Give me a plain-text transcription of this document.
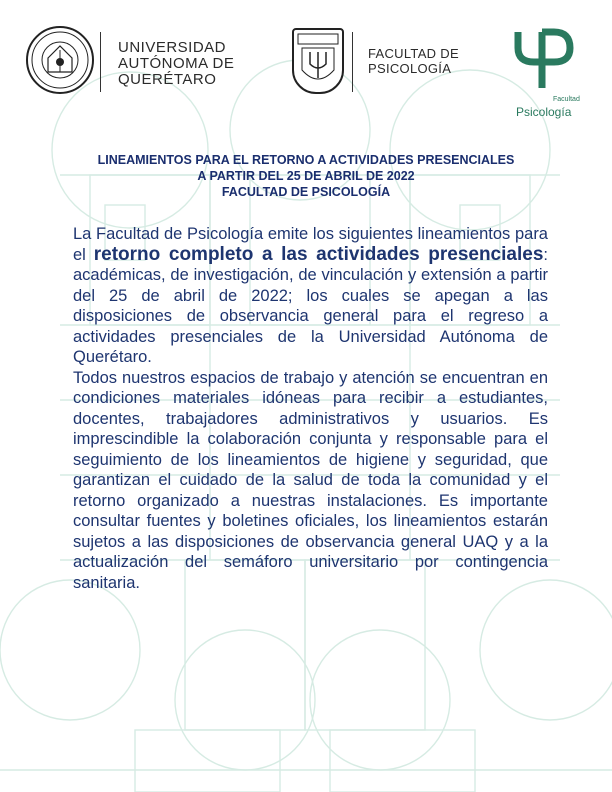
UNIVERSIDAD AUTÓNOMA DE QUERÉTARO

FACULTAD DE PSICOLOGÍA

Facultad
Psicología
LINEAMIENTOS PARA EL RETORNO A ACTIVIDADES PRESENCIALES
A PARTIR DEL 25 DE ABRIL DE 2022
FACULTAD DE PSICOLOGÍA

La Facultad de Psicología emite los siguientes lineamientos para el retorno completo a las actividades presenciales: académicas, de investigación, de vinculación y extensión a partir del 25 de abril de 2022; los cuales se apegan a las disposiciones de observancia general para el regreso a actividades presenciales de la Universidad Autónoma de Querétaro.

Todos nuestros espacios de trabajo y atención se encuentran en condiciones materiales idóneas para recibir a estudiantes, docentes, trabajadores administrativos y usuarios. Es imprescindible la colaboración conjunta y responsable para el seguimiento de los lineamientos de higiene y seguridad, que garantizan el cuidado de la salud de toda la comunidad y el retorno organizado a nuestras instalaciones. Es importante consultar fuentes y boletines oficiales, los lineamientos estarán sujetos a las disposiciones de observancia general UAQ y a la actualización del semáforo universitario por contingencia sanitaria.
